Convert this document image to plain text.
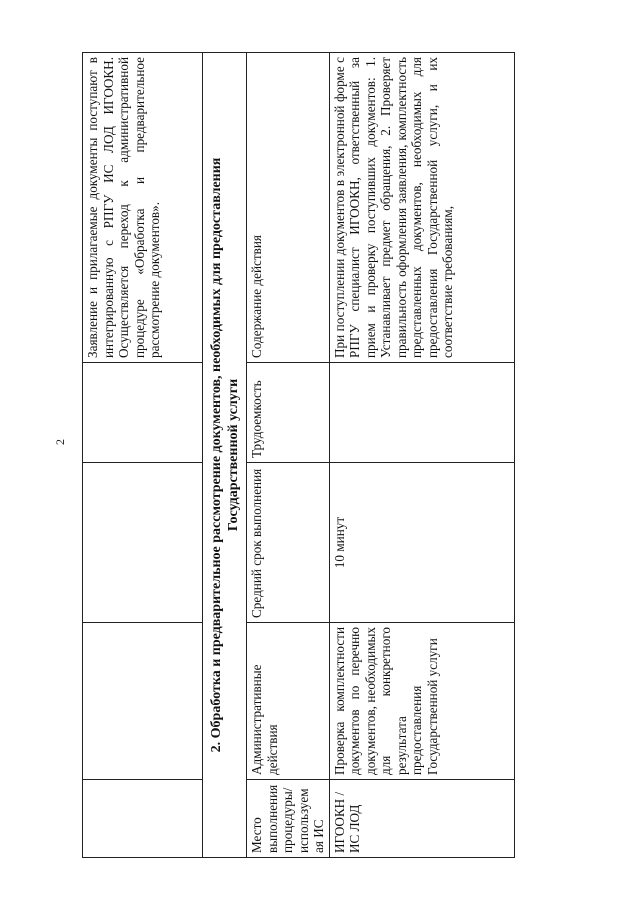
2
				Заявление и прилагаемые документы поступают в интегрированную с РПГУ ИС ЛОД ИГООКН. Осуществляется переход к административной процедуре «Обработка и предварительное рассмотрение документов».

2. Обработка и предварительное рассмотрение документов, необходимых для предоставления Государственной услуги				

Место выполнения процедуры/ используемая ИС	Административные действия	Средний срок выполнения	Трудоемкость	Содержание действия
ИГООКН /ИС ЛОД	Проверка комплектности документов по перечню документов, необходимых для конкретного результата предоставления Государственной услуги	10 минут		При поступлении документов в электронной форме с РПГУ специалист ИГООКН, ответственный за прием и проверку поступивших документов: 1. Устанавливает предмет обращения, 2. Проверяет правильность оформления заявления, комплектность представленных документов, необходимых для предоставления Государственной услуги, и их соответствие требованиям,
